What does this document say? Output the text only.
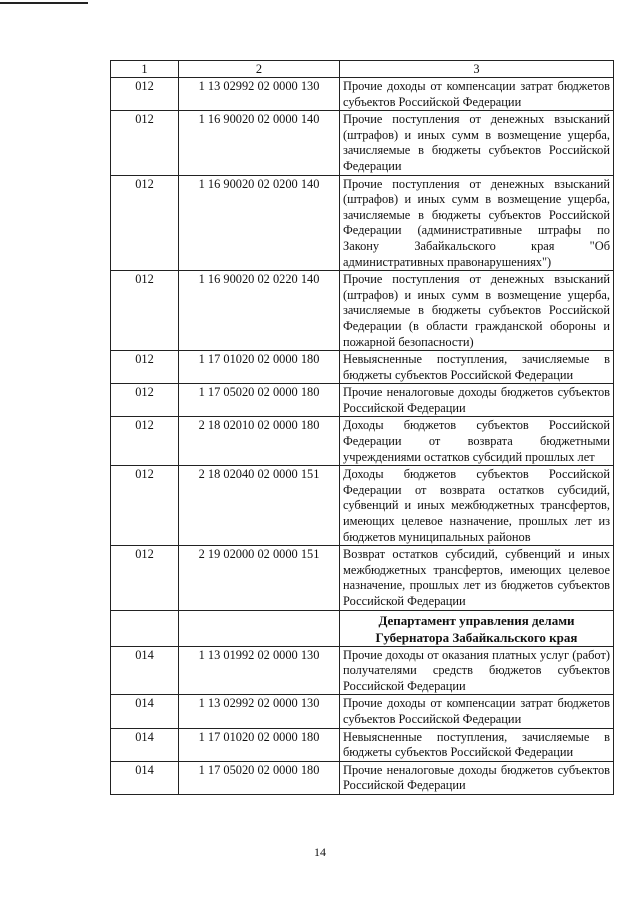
1	2	3
012	1 13 02992 02 0000 130	Прочие доходы от компенсации затрат бюджетов субъектов Российской Федерации
012	1 16 90020 02 0000 140	Прочие поступления от денежных взысканий (штрафов) и иных сумм в возмещение ущерба, зачисляемые в бюджеты субъектов Российской Федерации
012	1 16 90020 02 0200 140	Прочие поступления от денежных взысканий (штрафов) и иных сумм в возмещение ущерба, зачисляемые в бюджеты субъектов Российской Федерации (административные штрафы по Закону Забайкальского края "Об административных правонарушениях")
012	1 16 90020 02 0220 140	Прочие поступления от денежных взысканий (штрафов) и иных сумм в возмещение ущерба, зачисляемые в бюджеты субъектов Российской Федерации (в области гражданской обороны и пожарной безопасности)
012	1 17 01020 02 0000 180	Невыясненные поступления, зачисляемые в бюджеты субъектов Российской Федерации
012	1 17 05020 02 0000 180	Прочие неналоговые доходы бюджетов субъектов Российской Федерации
012	2 18 02010 02 0000 180	Доходы бюджетов субъектов Российской Федерации от возврата бюджетными учреждениями остатков субсидий прошлых лет
012	2 18 02040 02 0000 151	Доходы бюджетов субъектов Российской Федерации от возврата остатков субсидий, субвенций и иных межбюджетных трансфертов, имеющих целевое назначение, прошлых лет из бюджетов муниципальных районов
012	2 19 02000 02 0000 151	Возврат остатков субсидий, субвенций и иных межбюджетных трансфертов, имеющих целевое назначение, прошлых лет из бюджетов субъектов Российской Федерации
		Департамент управления делами Губернатора Забайкальского края
014	1 13 01992 02 0000 130	Прочие доходы от оказания платных услуг (работ) получателями средств бюджетов субъектов Российской Федерации
014	1 13 02992 02 0000 130	Прочие доходы от компенсации затрат бюджетов субъектов Российской Федерации
014	1 17 01020 02 0000 180	Невыясненные поступления, зачисляемые в бюджеты субъектов Российской Федерации
014	1 17 05020 02 0000 180	Прочие неналоговые доходы бюджетов субъектов Российской Федерации
14
